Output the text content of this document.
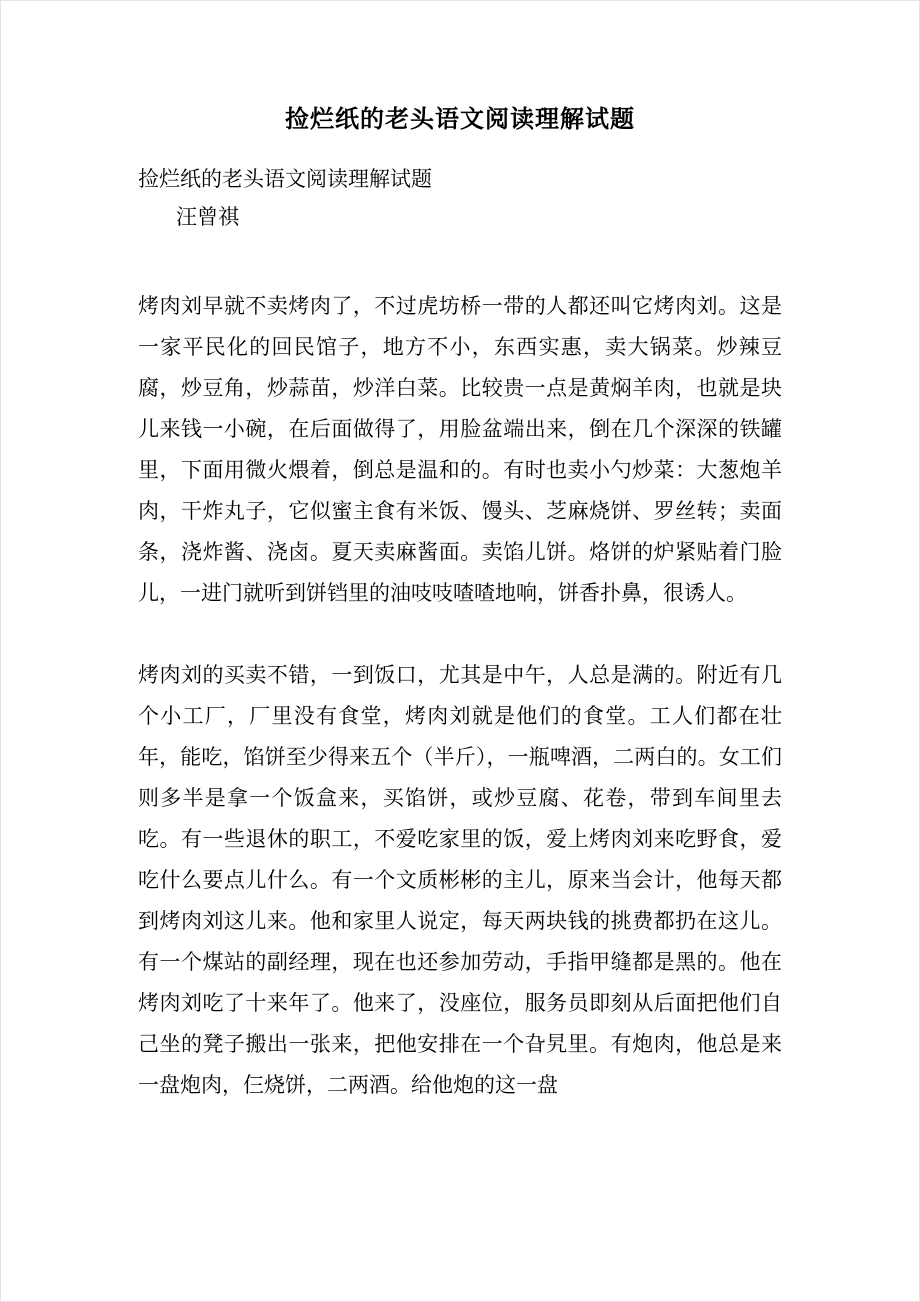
捡烂纸的老头语文阅读理解试题

捡烂纸的老头语文阅读理解试题

汪曾祺

烤肉刘早就不卖烤肉了，不过虎坊桥一带的人都还叫它烤肉刘。这是一家平民化的回民馆子，地方不小，东西实惠，卖大锅菜。炒辣豆腐，炒豆角，炒蒜苗，炒洋白菜。比较贵一点是黄焖羊肉，也就是块儿来钱一小碗，在后面做得了，用脸盆端出来，倒在几个深深的铁罐里，下面用微火煨着，倒总是温和的。有时也卖小勺炒菜：大葱炮羊肉，干炸丸子，它似蜜主食有米饭、馒头、芝麻烧饼、罗丝转；卖面条，浇炸酱、浇卤。夏天卖麻酱面。卖馅儿饼。烙饼的炉紧贴着门脸儿，一进门就听到饼铛里的油吱吱喳喳地响，饼香扑鼻，很诱人。

烤肉刘的买卖不错，一到饭口，尤其是中午，人总是满的。附近有几个小工厂，厂里没有食堂，烤肉刘就是他们的食堂。工人们都在壮年，能吃，馅饼至少得来五个（半斤），一瓶啤酒，二两白的。女工们则多半是拿一个饭盒来，买馅饼，或炒豆腐、花卷，带到车间里去吃。有一些退休的职工，不爱吃家里的饭，爱上烤肉刘来吃野食，爱吃什么要点儿什么。有一个文质彬彬的主儿，原来当会计，他每天都到烤肉刘这儿来。他和家里人说定，每天两块钱的挑费都扔在这儿。有一个煤站的副经理，现在也还参加劳动，手指甲缝都是黑的。他在烤肉刘吃了十来年了。他来了，没座位，服务员即刻从后面把他们自己坐的凳子搬出一张来，把他安排在一个旮旯里。有炮肉，他总是来一盘炮肉，仨烧饼，二两酒。给他炮的这一盘
